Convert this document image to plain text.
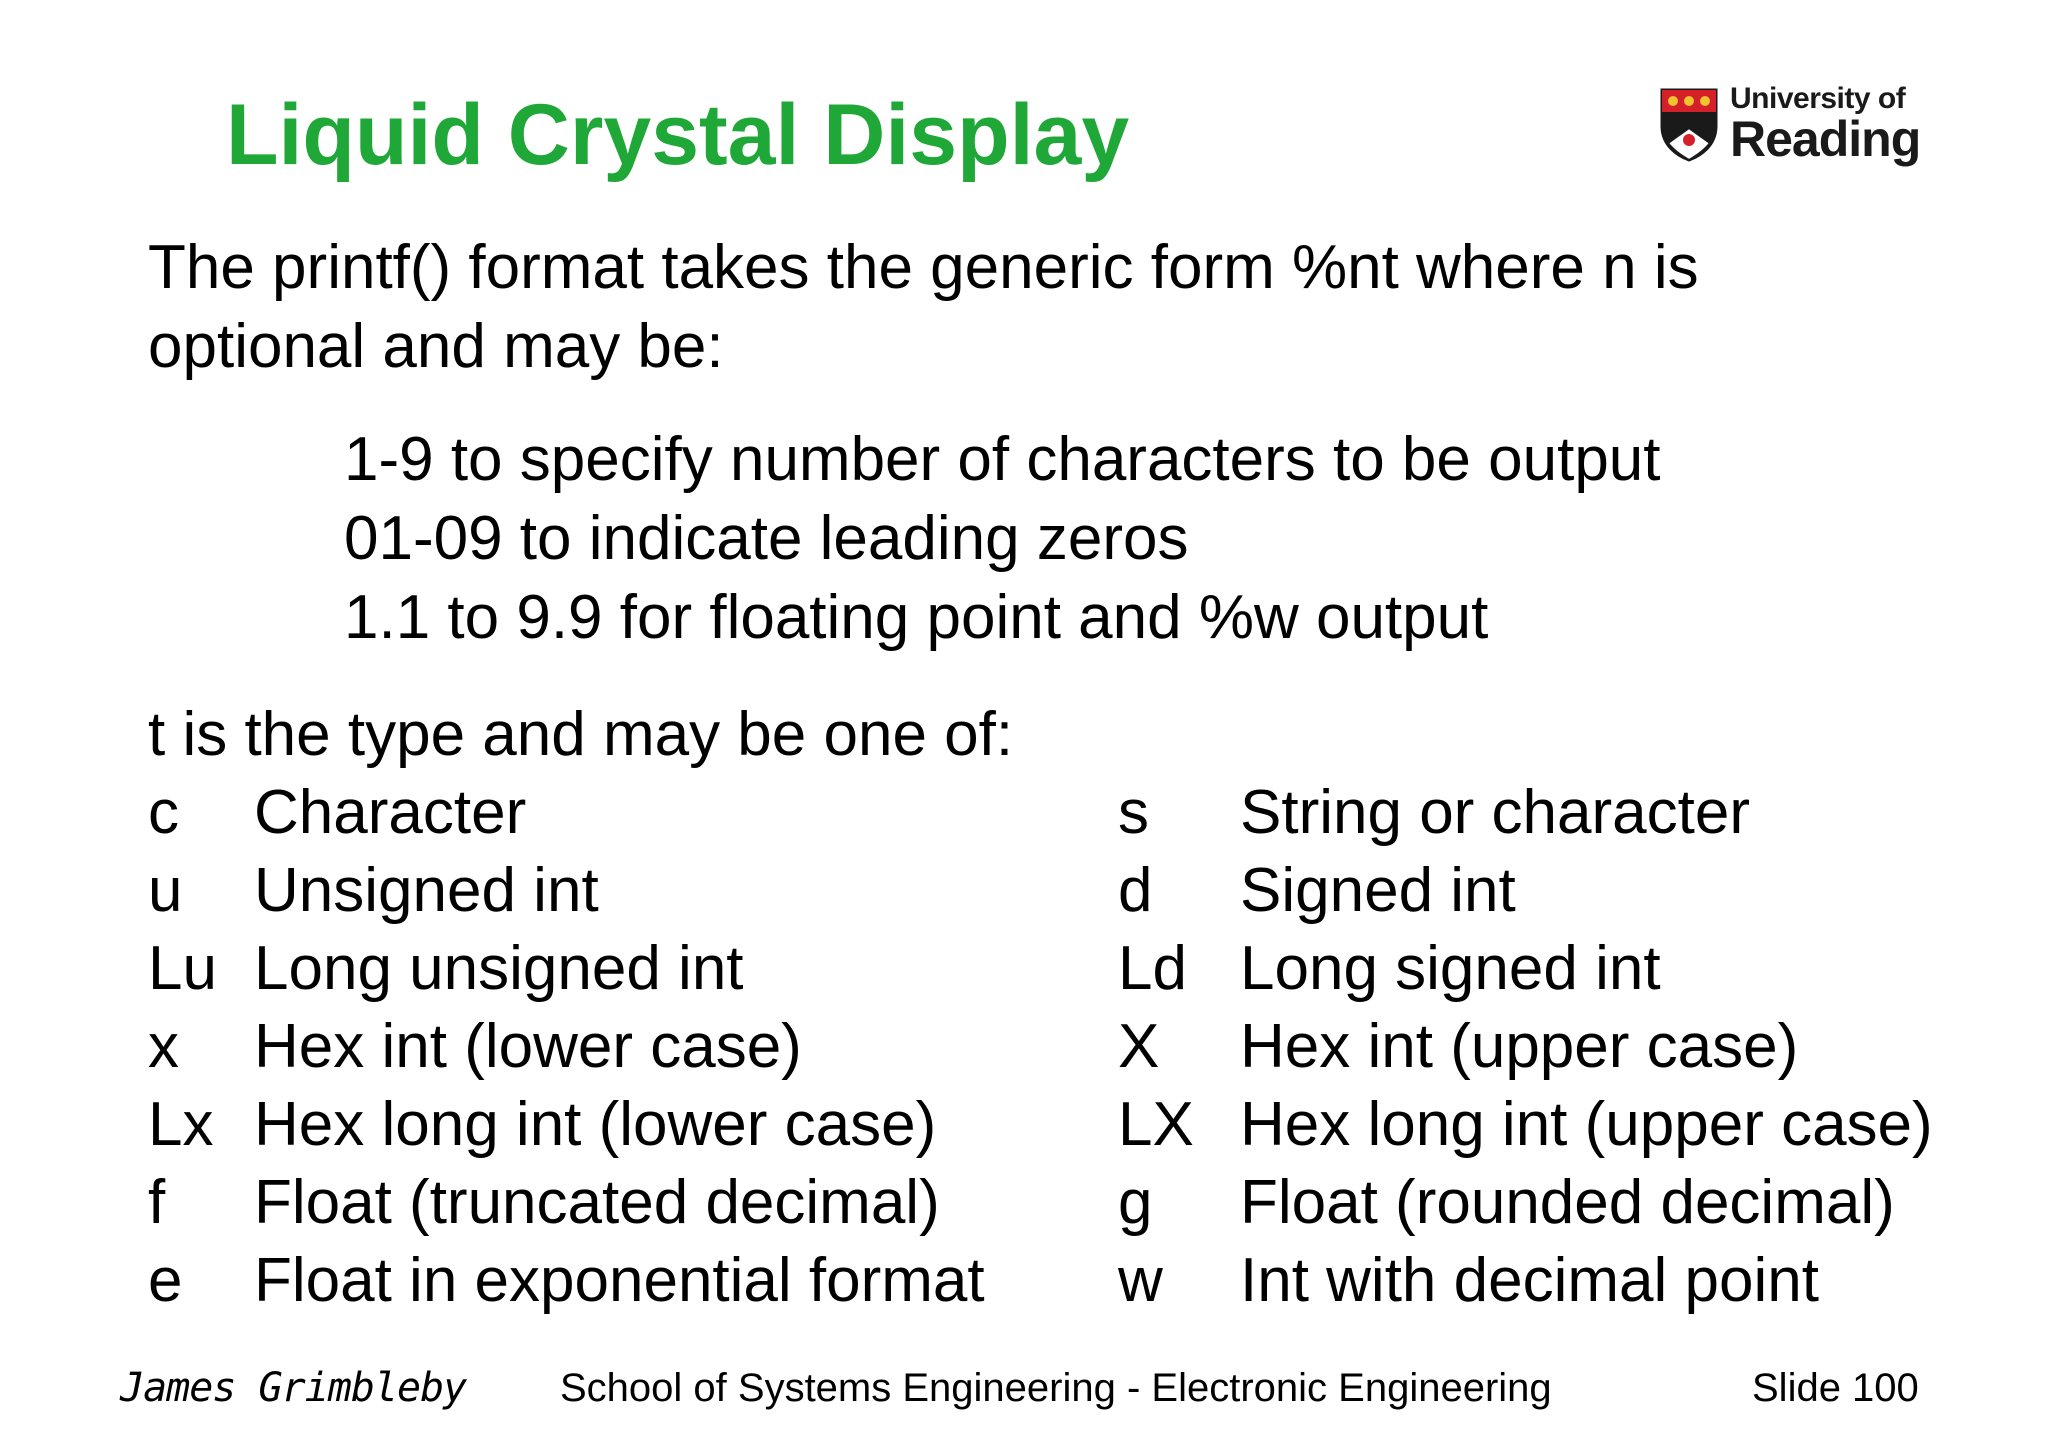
Liquid Crystal Display	University of
Reading
The printf() format takes the generic form %nt where n is
optional and may be:
1-9 to specify number of characters to be output
01-09 to indicate leading zeros
1.1 to 9.9 for floating point and %w output
t is the type and may be one of:
c Character
u Unsigned int
Lu Long unsigned int
x Hex int (lower case)
Lx Hex long int (lower case)
f Float (truncated decimal)
e Float in exponential format
s String or character
d Signed int
Ld Long signed int
X Hex int (upper case)
LX Hex long int (upper case)
g Float (rounded decimal)
w Int with decimal point
James Grimbleby School of Systems Engineering - Electronic Engineering	Slide 100
